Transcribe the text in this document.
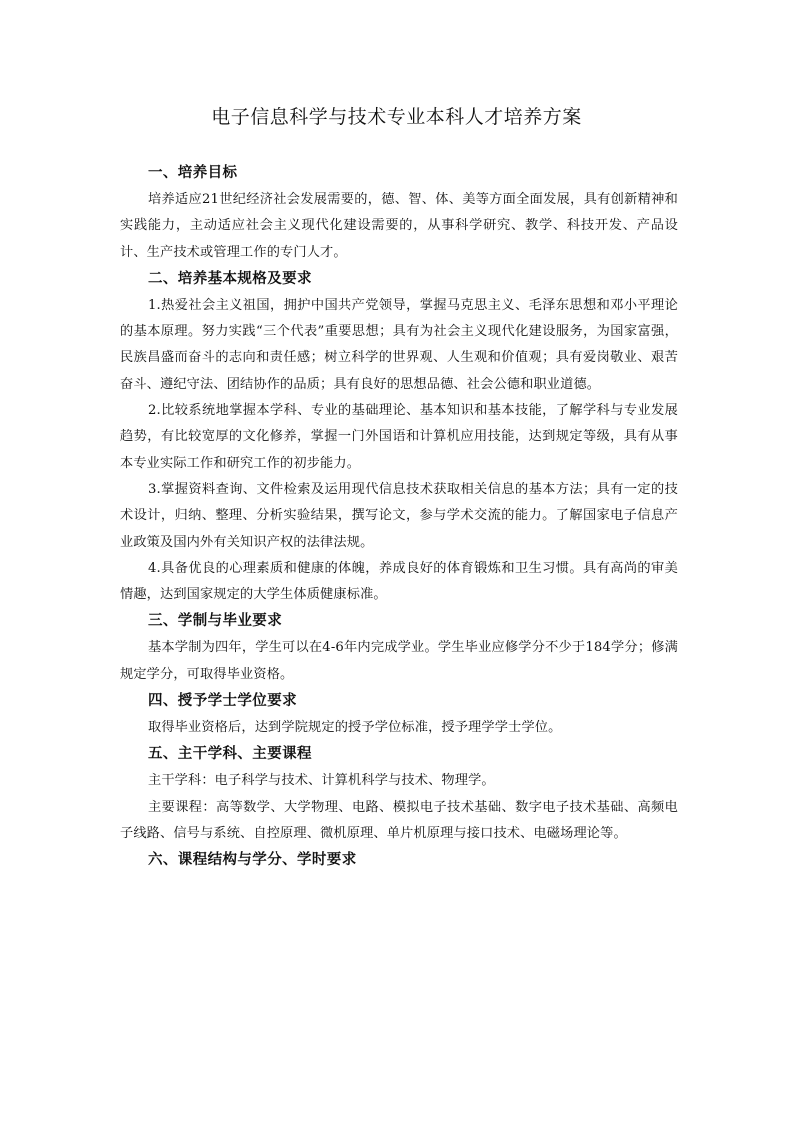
电子信息科学与技术专业本科人才培养方案
一、培养目标

培养适应21世纪经济社会发展需要的，德、智、体、美等方面全面发展，具有创新精神和实践能力，主动适应社会主义现代化建设需要的，从事科学研究、教学、科技开发、产品设计、生产技术或管理工作的专门人才。

二、培养基本规格及要求

1.热爱社会主义祖国，拥护中国共产党领导，掌握马克思主义、毛泽东思想和邓小平理论的基本原理。努力实践“三个代表”重要思想；具有为社会主义现代化建设服务，为国家富强，民族昌盛而奋斗的志向和责任感；树立科学的世界观、人生观和价值观；具有爱岗敬业、艰苦奋斗、遵纪守法、团结协作的品质；具有良好的思想品德、社会公德和职业道德。

2.比较系统地掌握本学科、专业的基础理论、基本知识和基本技能，了解学科与专业发展趋势，有比较宽厚的文化修养，掌握一门外国语和计算机应用技能，达到规定等级，具有从事本专业实际工作和研究工作的初步能力。

3.掌握资料查询、文件检索及运用现代信息技术获取相关信息的基本方法；具有一定的技术设计，归纳、整理、分析实验结果，撰写论文，参与学术交流的能力。了解国家电子信息产业政策及国内外有关知识产权的法律法规。

4.具备优良的心理素质和健康的体魄，养成良好的体育锻炼和卫生习惯。具有高尚的审美情趣，达到国家规定的大学生体质健康标准。

三、学制与毕业要求

基本学制为四年，学生可以在4-6年内完成学业。学生毕业应修学分不少于184学分；修满规定学分，可取得毕业资格。

四、授予学士学位要求

取得毕业资格后，达到学院规定的授予学位标准，授予理学学士学位。

五、主干学科、主要课程

主干学科：电子科学与技术、计算机科学与技术、物理学。

主要课程：高等数学、大学物理、电路、模拟电子技术基础、数字电子技术基础、高频电子线路、信号与系统、自控原理、微机原理、单片机原理与接口技术、电磁场理论等。

六、课程结构与学分、学时要求
